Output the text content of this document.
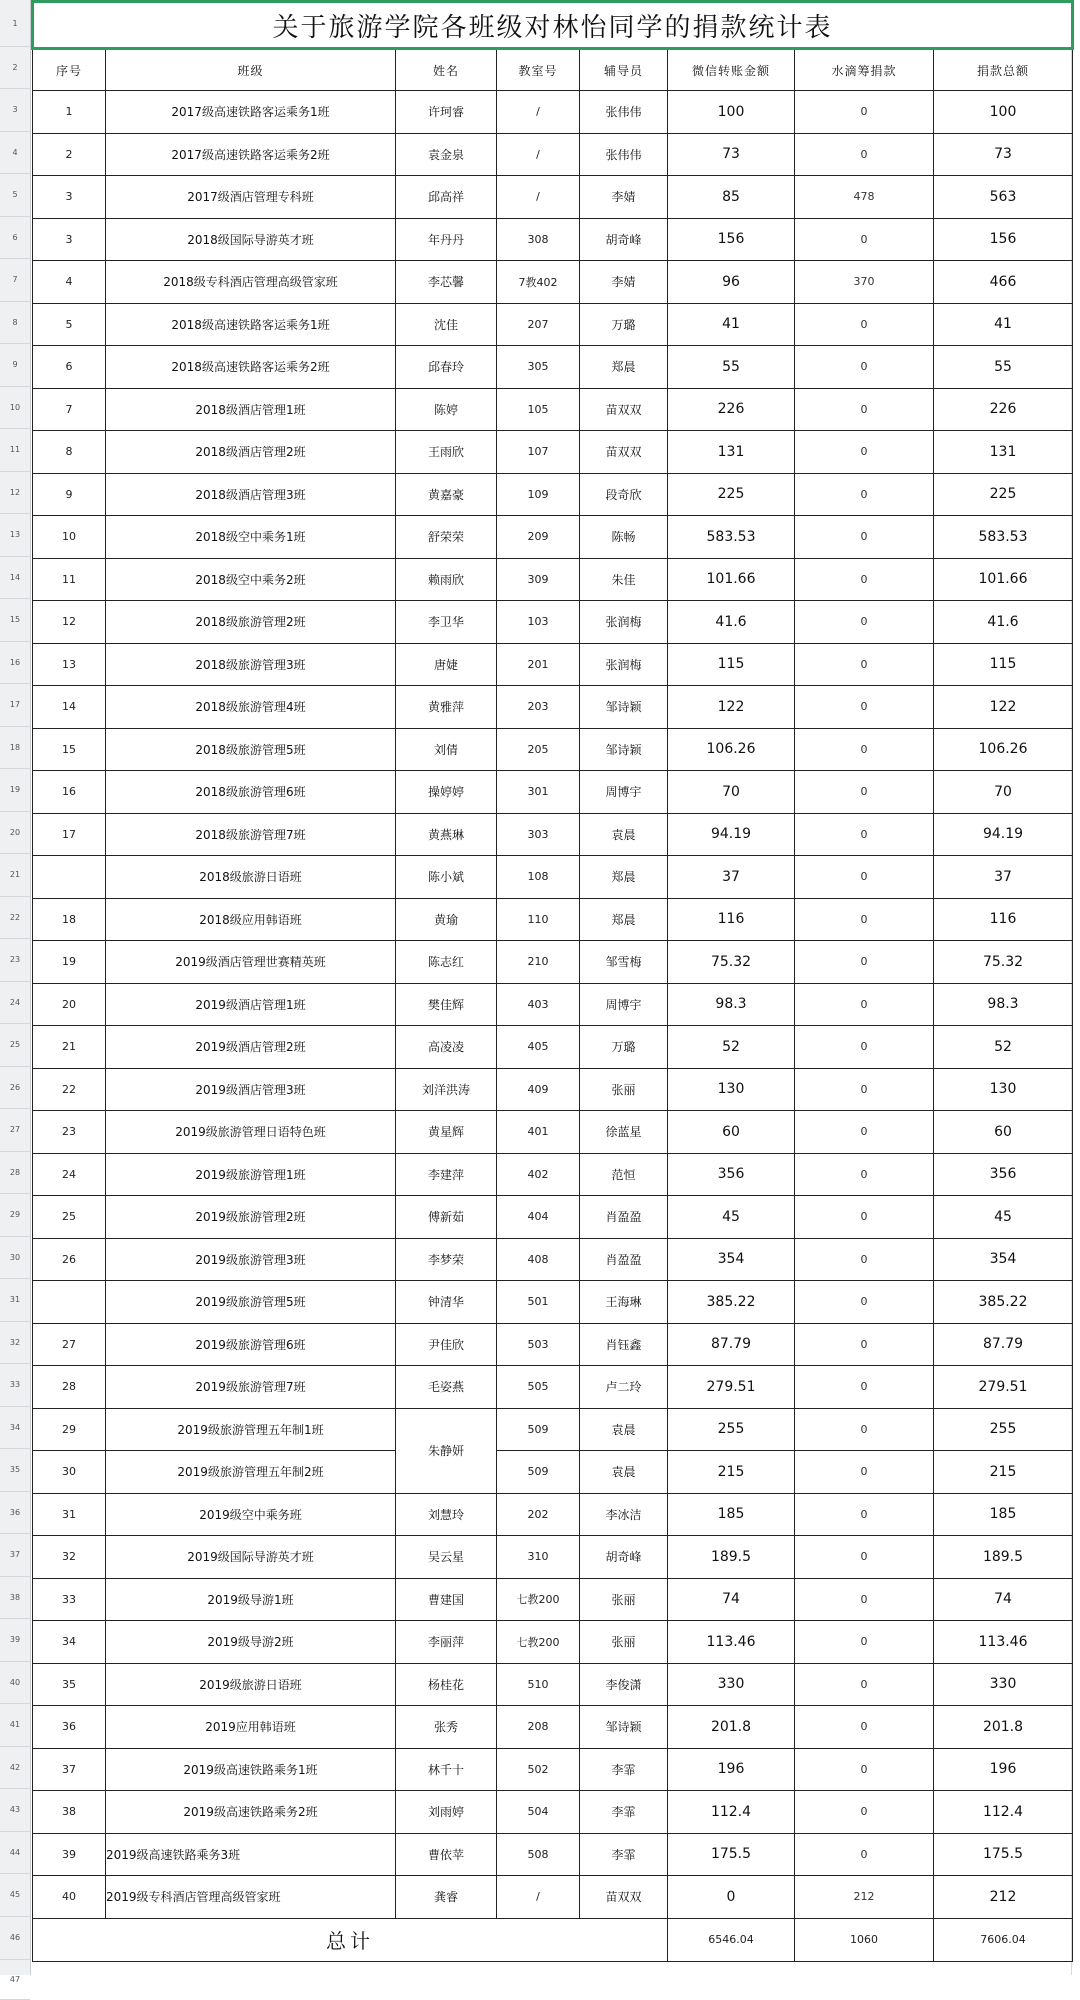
1
2
3
4
5
6
7
8
9
10
11
12
13
14
15
16
17
18
19
20
21
22
23
24
25
26
27
28
29
30
31
32
33
34
35
36
37
38
39
40
41
42
43
44
45
46
47
关于旅游学院各班级对林怡同学的捐款统计表							
序号	班级	姓名	教室号	辅导员	微信转账金额	水滴筹捐款	捐款总额
1	2017级高速铁路客运乘务1班	许珂睿	/	张伟伟	100	0	100
2	2017级高速铁路客运乘务2班	袁金泉	/	张伟伟	73	0	73
3	2017级酒店管理专科班	邱高祥	/	李婧	85	478	563
3	2018级国际导游英才班	年丹丹	308	胡奇峰	156	0	156
4	2018级专科酒店管理高级管家班	李芯馨	7教402	李婧	96	370	466
5	2018级高速铁路客运乘务1班	沈佳	207	万璐	41	0	41
6	2018级高速铁路客运乘务2班	邱春玲	305	郑晨	55	0	55
7	2018级酒店管理1班	陈婷	105	苗双双	226	0	226
8	2018级酒店管理2班	王雨欣	107	苗双双	131	0	131
9	2018级酒店管理3班	黄嘉豪	109	段奇欣	225	0	225
10	2018级空中乘务1班	舒荣荣	209	陈畅	583.53	0	583.53
11	2018级空中乘务2班	赖雨欣	309	朱佳	101.66	0	101.66
12	2018级旅游管理2班	李卫华	103	张润梅	41.6	0	41.6
13	2018级旅游管理3班	唐婕	201	张润梅	115	0	115
14	2018级旅游管理4班	黄雅萍	203	邹诗颖	122	0	122
15	2018级旅游管理5班	刘倩	205	邹诗颖	106.26	0	106.26
16	2018级旅游管理6班	操婷婷	301	周博宇	70	0	70
17	2018级旅游管理7班	黄燕琳	303	袁晨	94.19	0	94.19
	2018级旅游日语班	陈小斌	108	郑晨	37	0	37
18	2018级应用韩语班	黄瑜	110	郑晨	116	0	116
19	2019级酒店管理世赛精英班	陈志红	210	邹雪梅	75.32	0	75.32
20	2019级酒店管理1班	樊佳辉	403	周博宇	98.3	0	98.3
21	2019级酒店管理2班	高凌凌	405	万璐	52	0	52
22	2019级酒店管理3班	刘洋洪涛	409	张丽	130	0	130
23	2019级旅游管理日语特色班	黄星辉	401	徐蓝星	60	0	60
24	2019级旅游管理1班	李建萍	402	范恒	356	0	356
25	2019级旅游管理2班	傅新茹	404	肖盈盈	45	0	45
26	2019级旅游管理3班	李梦荣	408	肖盈盈	354	0	354
	2019级旅游管理5班	钟清华	501	王海琳	385.22	0	385.22
27	2019级旅游管理6班	尹佳欣	503	肖钰鑫	87.79	0	87.79
28	2019级旅游管理7班	毛姿燕	505	卢二玲	279.51	0	279.51
29	2019级旅游管理五年制1班	朱静妍	509	袁晨	255	0	255
30	2019级旅游管理五年制2班		509	袁晨	215	0	215
31	2019级空中乘务班	刘慧玲	202	李冰洁	185	0	185
32	2019级国际导游英才班	吴云星	310	胡奇峰	189.5	0	189.5
33	2019级导游1班	曹建国	七教200	张丽	74	0	74
34	2019级导游2班	李丽萍	七教200	张丽	113.46	0	113.46
35	2019级旅游日语班	杨桂花	510	李俊潇	330	0	330
36	2019应用韩语班	张秀	208	邹诗颖	201.8	0	201.8
37	2019级高速铁路乘务1班	林千十	502	李霏	196	0	196
38	2019级高速铁路乘务2班	刘雨婷	504	李霏	112.4	0	112.4
39	2019级高速铁路乘务3班	曹依苹	508	李霏	175.5	0	175.5
40	2019级专科酒店管理高级管家班	龚睿	/	苗双双	0	212	212
总计					6546.04	1060	7606.04
